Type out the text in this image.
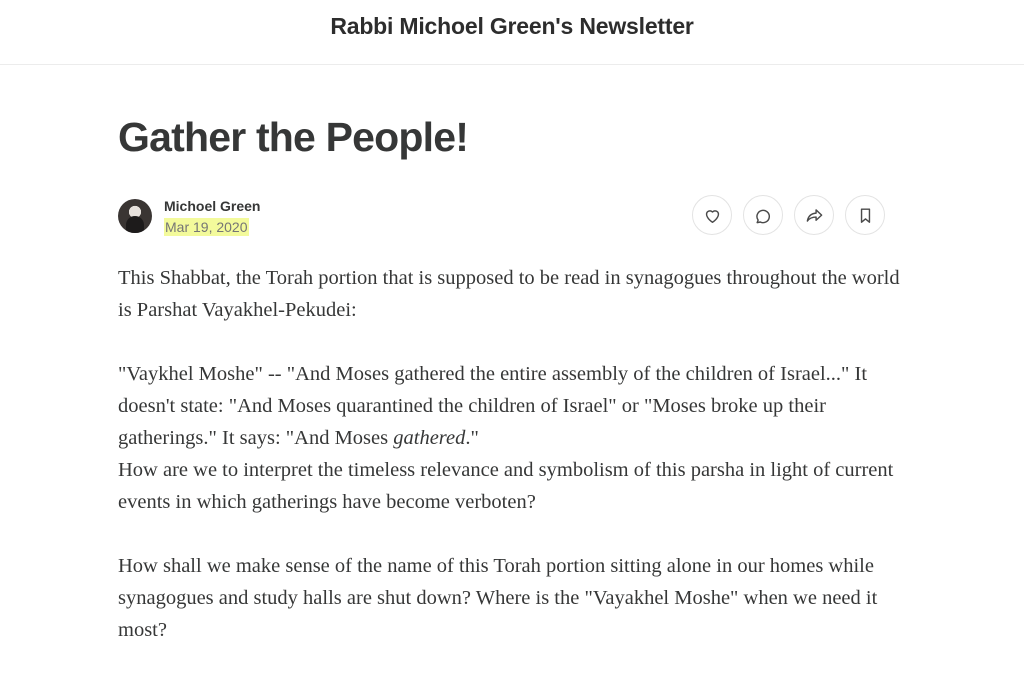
Rabbi Michoel Green's Newsletter
Gather the People!
Michoel Green
Mar 19, 2020

This Shabbat, the Torah portion that is supposed to be read in synagogues throughout the world is Parshat Vayakhel-Pekudei:

"Vaykhel Moshe" -- "And Moses gathered the entire assembly of the children of Israel..." It doesn't state: "And Moses quarantined the children of Israel" or "Moses broke up their gatherings." It says: "And Moses gathered."
How are we to interpret the timeless relevance and symbolism of this parsha in light of current events in which gatherings have become verboten?

How shall we make sense of the name of this Torah portion sitting alone in our homes while synagogues and study halls are shut down? Where is the "Vayakhel Moshe" when we need it most?
